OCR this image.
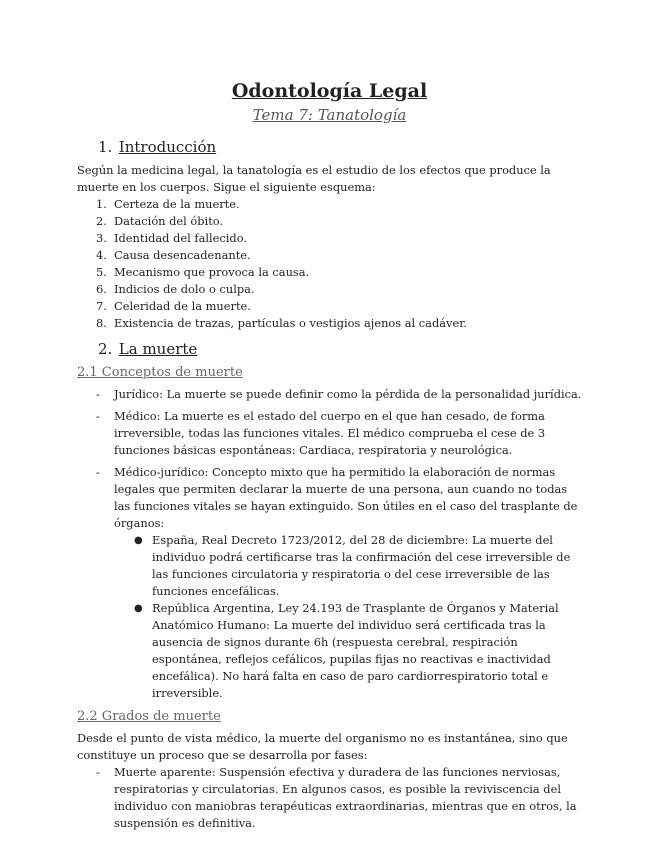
Odontología Legal
Tema 7: Tanatología
1. Introducción

Según la medicina legal, la tanatología es el estudio de los efectos que produce la muerte en los cuerpos. Sigue el siguiente esquema:

1. Certeza de la muerte.
2. Datación del óbito.
3. Identidad del fallecido.
4. Causa desencadenante.
5. Mecanismo que provoca la causa.
6. Indicios de dolo o culpa.
7. Celeridad de la muerte.
8. Existencia de trazas, partículas o vestigios ajenos al cadáver.
2. La muerte
2.1 Conceptos de muerte
- Jurídico: La muerte se puede definir como la pérdida de la personalidad jurídica.
- Médico: La muerte es el estado del cuerpo en el que han cesado, de forma irreversible, todas las funciones vitales. El médico comprueba el cese de 3 funciones básicas espontáneas: Cardiaca, respiratoria y neurológica.
- Médico-jurídico: Concepto mixto que ha permitido la elaboración de normas legales que permiten declarar la muerte de una persona, aun cuando no todas las funciones vitales se hayan extinguido. Son útiles en el caso del trasplante de órganos:
● España, Real Decreto 1723/2012, del 28 de diciembre: La muerte del individuo podrá certificarse tras la confirmación del cese irreversible de las funciones circulatoria y respiratoria o del cese irreversible de las funciones encefálicas.
● República Argentina, Ley 24.193 de Trasplante de Órganos y Material Anatómico Humano: La muerte del individuo será certificada tras la ausencia de signos durante 6h (respuesta cerebral, respiración espontánea, reflejos cefálicos, pupilas fijas no reactivas e inactividad encefálica). No hará falta en caso de paro cardiorrespiratorio total e irreversible.
2.2 Grados de muerte

Desde el punto de vista médico, la muerte del organismo no es instantánea, sino que constituye un proceso que se desarrolla por fases:

- Muerte aparente: Suspensión efectiva y duradera de las funciones nerviosas, respiratorias y circulatorias. En algunos casos, es posible la reviviscencia del individuo con maniobras terapéuticas extraordinarias, mientras que en otros, la suspensión es definitiva.
